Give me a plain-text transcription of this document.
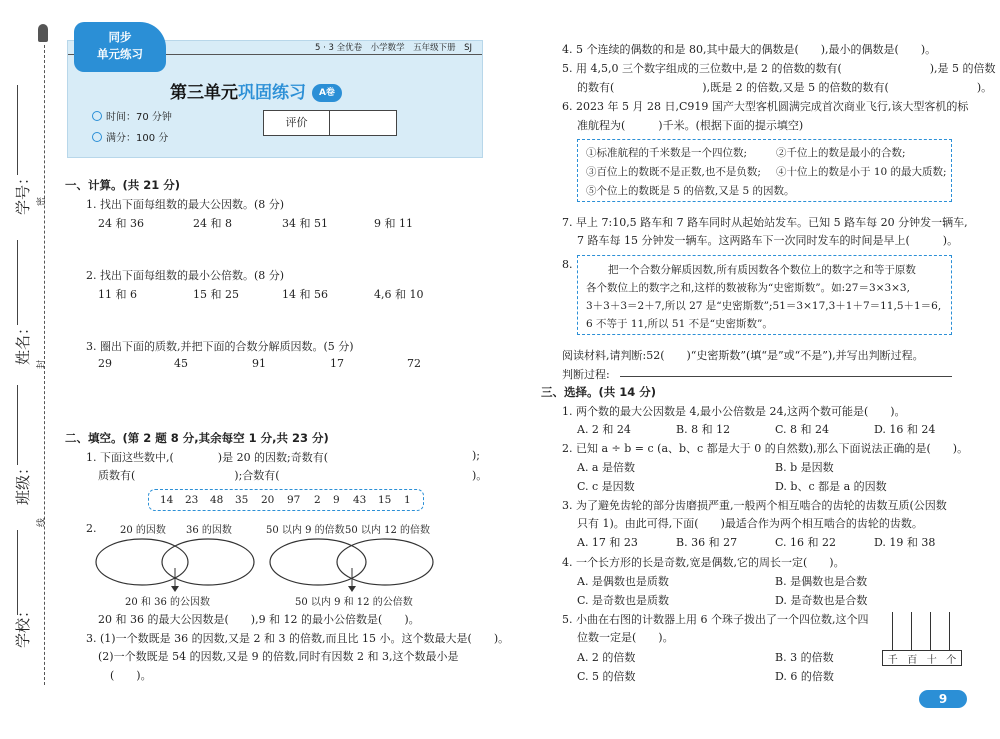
学号：
姓名：
班级：
学校：
密
封
线
5 · 3 全优卷　小学数学　五年级下册　SJ
同步
单元练习
第三单元巩固练习 A卷
时间：70 分钟
满分：100 分
评价
一、计算。(共 21 分)
1. 找出下面每组数的最大公因数。(8 分)
24 和 36	24 和 8	34 和 51	9 和 11
2. 找出下面每组数的最小公倍数。(8 分)
11 和 6	15 和 25	14 和 56	4,6 和 10
3. 圈出下面的质数,并把下面的合数分解质因数。(5 分)
29	45	91	17	72
二、填空。(第 2 题 8 分,其余每空 1 分,共 23 分)
1. 下面这些数中,(　　　　)是 20 的因数;奇数有(	);
质数有(　　　　　　　　　);合数有(	)。
14 23 48 35 20 97 2 9 43 15 1
2. 20 的因数 36 的因数	50 以内 9 的倍数 50 以内 12 的倍数
20 和 36 的公因数	50 以内 9 和 12 的公倍数
20 和 36 的最大公因数是(　　),9 和 12 的最小公倍数是(　　)。
3. (1)一个数既是 36 的因数,又是 2 和 3 的倍数,而且比 15 小。这个数最大是(　　)。
(2)一个数既是 54 的因数,又是 9 的倍数,同时有因数 2 和 3,这个数最小是
(　　)。
4. 5 个连续的偶数的和是 80,其中最大的偶数是(　　),最小的偶数是(　　)。
5. 用 4,5,0 三个数字组成的三位数中,是 2 的倍数的数有(　　　　　　　　),是 5 的倍数
的数有(　　　　　　　　),既是 2 的倍数,又是 5 的倍数的数有(　　　　　　　　)。
6. 2023 年 5 月 28 日,C919 国产大型客机圆满完成首次商业飞行,该大型客机的标
准航程为(　　　)千米。(根据下面的提示填空)
①标准航程的千米数是一个四位数;	②千位上的数是最小的合数;
③百位上的数既不是正数,也不是负数; ④十位上的数是小于 10 的最大质数;
⑤个位上的数既是 5 的倍数,又是 5 的因数。
7. 早上 7:10,5 路车和 7 路车同时从起始站发车。已知 5 路车每 20 分钟发一辆车,
7 路车每 15 分钟发一辆车。这两路车下一次同时发车的时间是早上(　　　)。
8.	把一个合数分解质因数,所有质因数各个数位上的数字之和等于原数
各个数位上的数字之和,这样的数被称为“史密斯数”。如:27＝3×3×3,
3＋3＋3＝2＋7,所以 27 是“史密斯数”;51＝3×17,3＋1＋7＝11,5＋1＝6,
6 不等于 11,所以 51 不是“史密斯数”。
阅读材料,请判断:52(　　)“史密斯数”(填“是”或“不是”),并写出判断过程。
判断过程:
三、选择。(共 14 分)
1. 两个数的最大公因数是 4,最小公倍数是 24,这两个数可能是(　　)。
A. 2 和 24	B. 8 和 12	C. 8 和 24	D. 16 和 24
2. 已知 a ÷ b = c (a、b、c 都是大于 0 的自然数),那么下面说法正确的是(　　)。
A. a 是倍数	B. b 是因数
C. c 是因数	D. b、c 都是 a 的因数
3. 为了避免齿轮的部分齿磨损严重,一般两个相互啮合的齿轮的齿数互质(公因数
只有 1)。由此可得,下面(　　)最适合作为两个相互啮合的齿轮的齿数。
A. 17 和 23	B. 36 和 27	C. 16 和 22	D. 19 和 38
4. 一个长方形的长是奇数,宽是偶数,它的周长一定(　　)。
A. 是偶数也是质数	B. 是偶数也是合数
C. 是奇数也是质数	D. 是奇数也是合数
5. 小曲在右图的计数器上用 6 个珠子拨出了一个四位数,这个四
位数一定是(　　)。
A. 2 的倍数	B. 3 的倍数
C. 5 的倍数	D. 6 的倍数
千 百 十 个
9
